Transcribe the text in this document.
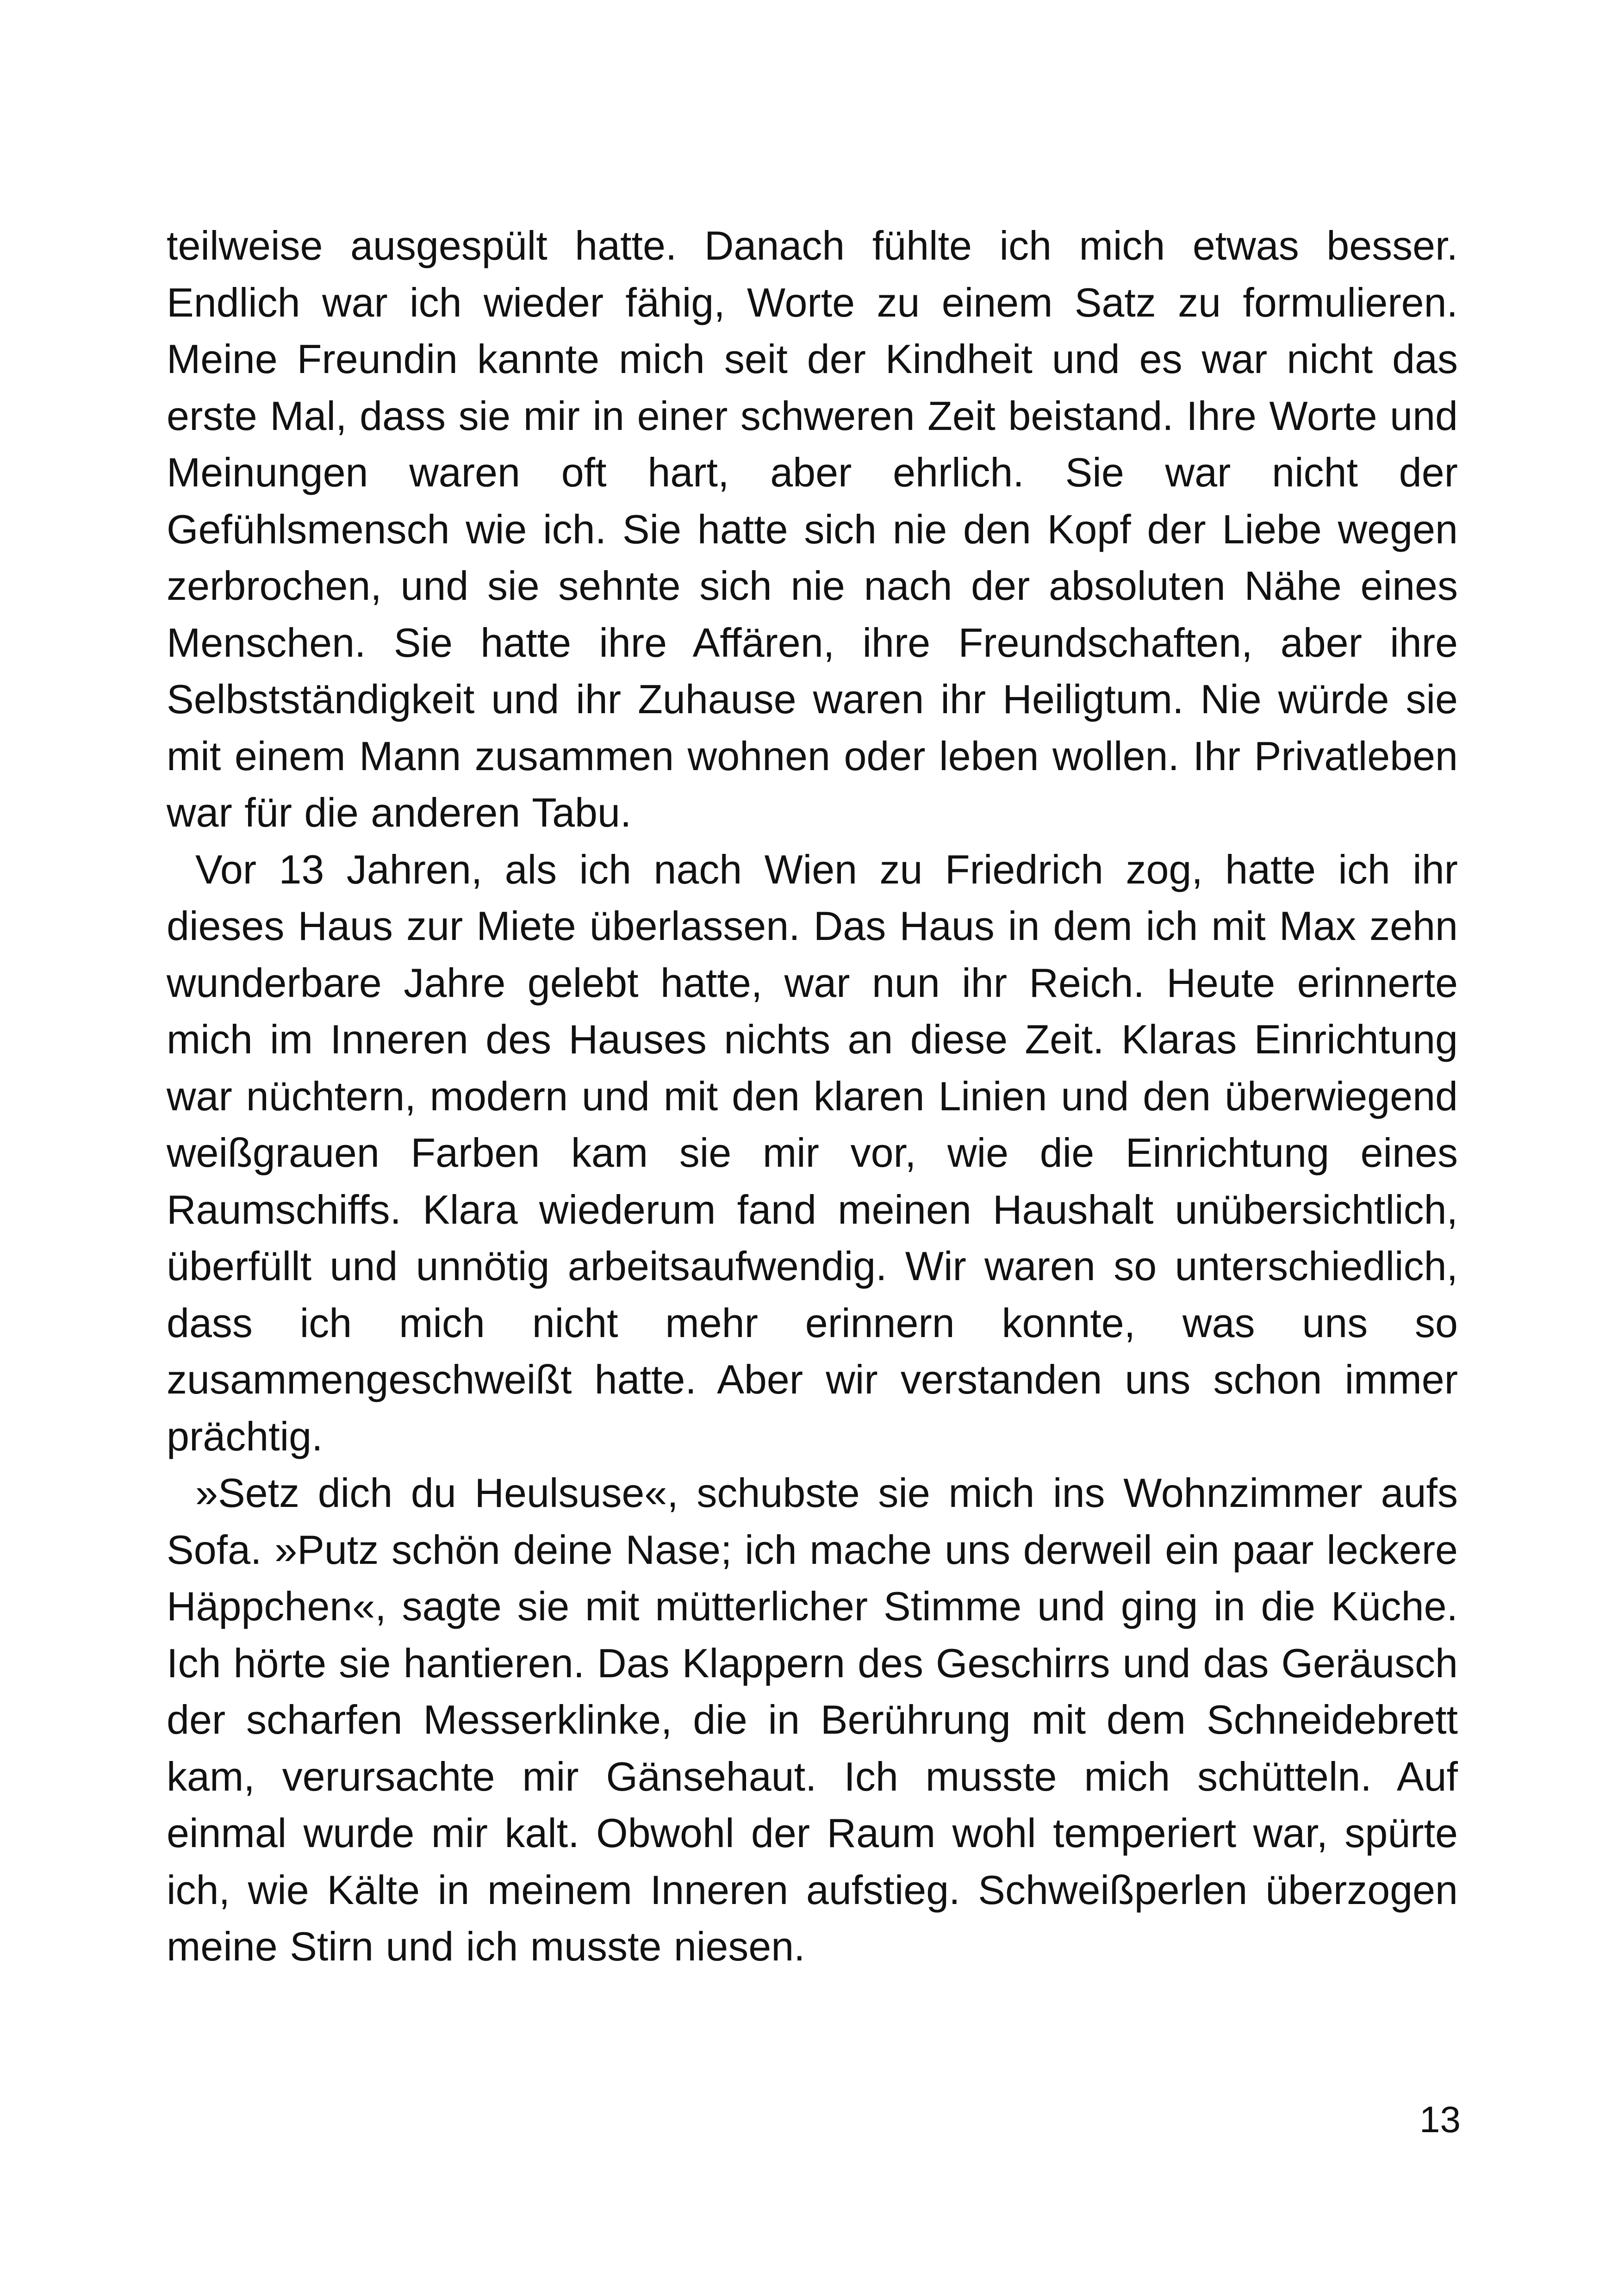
teilweise ausgespült hatte. Danach fühlte ich mich etwas besser. Endlich war ich wieder fähig, Worte zu einem Satz zu formulieren. Meine Freundin kannte mich seit der Kindheit und es war nicht das erste Mal, dass sie mir in einer schweren Zeit beistand. Ihre Worte und Meinungen waren oft hart, aber ehrlich. Sie war nicht der Gefühlsmensch wie ich. Sie hatte sich nie den Kopf der Liebe wegen zerbrochen, und sie sehnte sich nie nach der absoluten Nähe eines Menschen. Sie hatte ihre Affären, ihre Freundschaften, aber ihre Selbstständigkeit und ihr Zuhause waren ihr Heiligtum. Nie würde sie mit einem Mann zusammen wohnen oder leben wollen. Ihr Privatleben war für die anderen Tabu.

Vor 13 Jahren, als ich nach Wien zu Friedrich zog, hatte ich ihr dieses Haus zur Miete überlassen. Das Haus in dem ich mit Max zehn wunderbare Jahre gelebt hatte, war nun ihr Reich. Heute erinnerte mich im Inneren des Hauses nichts an diese Zeit. Klaras Einrichtung war nüchtern, modern und mit den klaren Linien und den überwiegend weißgrauen Farben kam sie mir vor, wie die Einrichtung eines Raumschiffs. Klara wiederum fand meinen Haushalt unübersichtlich, überfüllt und unnötig arbeitsaufwendig. Wir waren so unterschiedlich, dass ich mich nicht mehr erinnern konnte, was uns so zusammengeschweißt hatte. Aber wir verstanden uns schon immer prächtig.

»Setz dich du Heulsuse«, schubste sie mich ins Wohnzimmer aufs Sofa. »Putz schön deine Nase; ich mache uns derweil ein paar leckere Häppchen«, sagte sie mit mütterlicher Stimme und ging in die Küche. Ich hörte sie hantieren. Das Klappern des Geschirrs und das Geräusch der scharfen Messerklinke, die in Berührung mit dem Schneidebrett kam, verursachte mir Gänsehaut. Ich musste mich schütteln. Auf einmal wurde mir kalt. Obwohl der Raum wohl temperiert war, spürte ich, wie Kälte in meinem Inneren aufstieg. Schweißperlen überzogen meine Stirn und ich musste niesen.

13
